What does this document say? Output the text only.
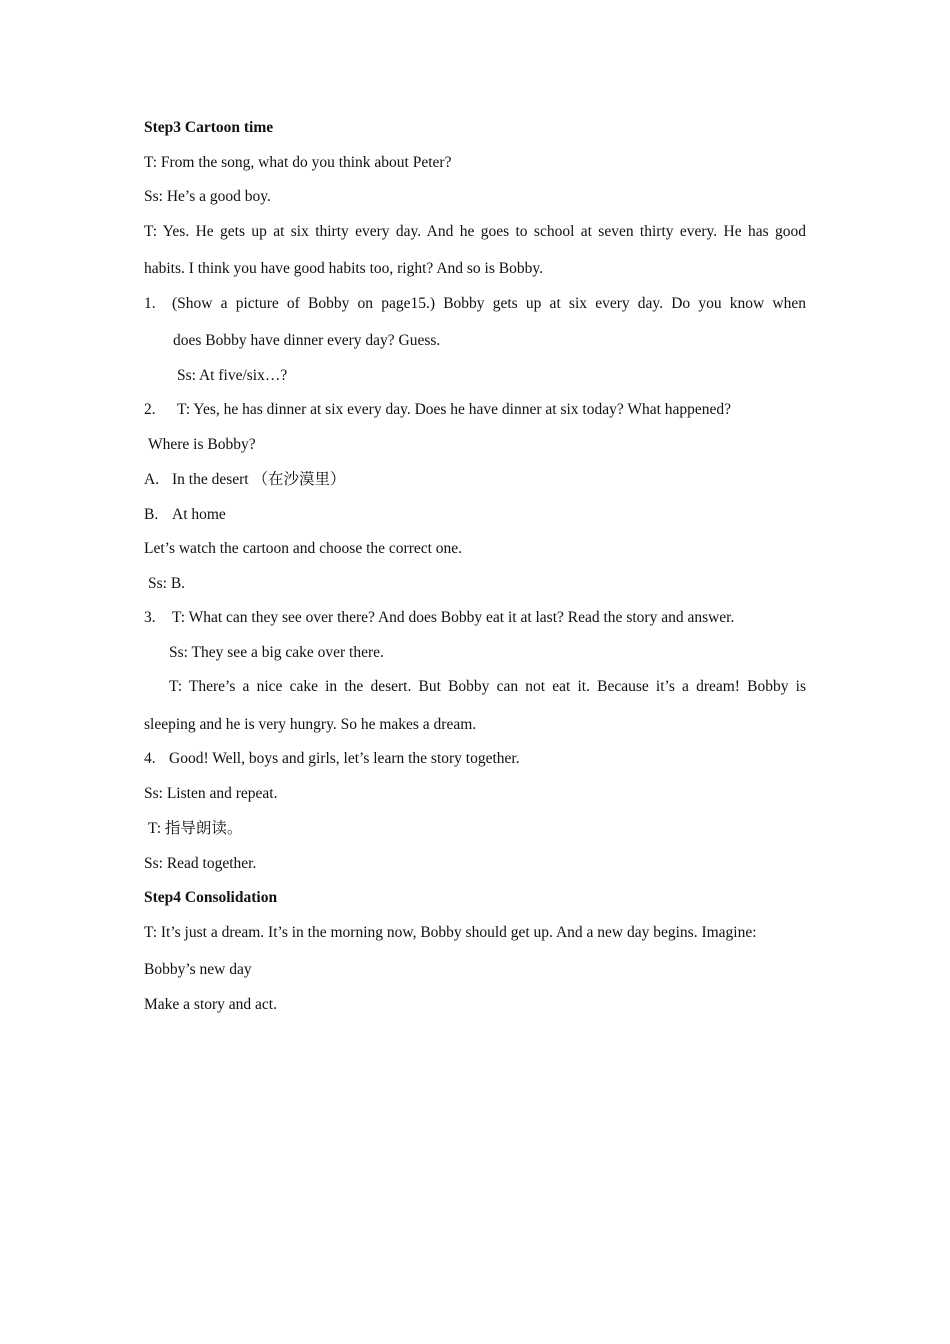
Step3 Cartoon time
T: From the song, what do you think about Peter?
Ss: He’s a good boy.
T: Yes. He gets up at six thirty every day. And he goes to school at seven thirty every. He has good
habits. I think you have good habits too, right? And so is Bobby.
1. (Show a picture of Bobby on page15.) Bobby gets up at six every day. Do you know when
does Bobby have dinner every day? Guess.
Ss: At five/six…?
2. T: Yes, he has dinner at six every day. Does he have dinner at six today? What happened?
Where is Bobby?
A. In the desert （在沙漠里）
B. At home
Let’s watch the cartoon and choose the correct one.
Ss: B.
3. T: What can they see over there? And does Bobby eat it at last? Read the story and answer.
Ss: They see a big cake over there.
T: There’s a nice cake in the desert. But Bobby can not eat it. Because it’s a dream! Bobby is
sleeping and he is very hungry. So he makes a dream.
4. Good! Well, boys and girls, let’s learn the story together.
Ss: Listen and repeat.
T: 指导朗读。
Ss: Read together.
Step4 Consolidation
T: It’s just a dream. It’s in the morning now, Bobby should get up. And a new day begins. Imagine:
Bobby’s new day
Make a story and act.
